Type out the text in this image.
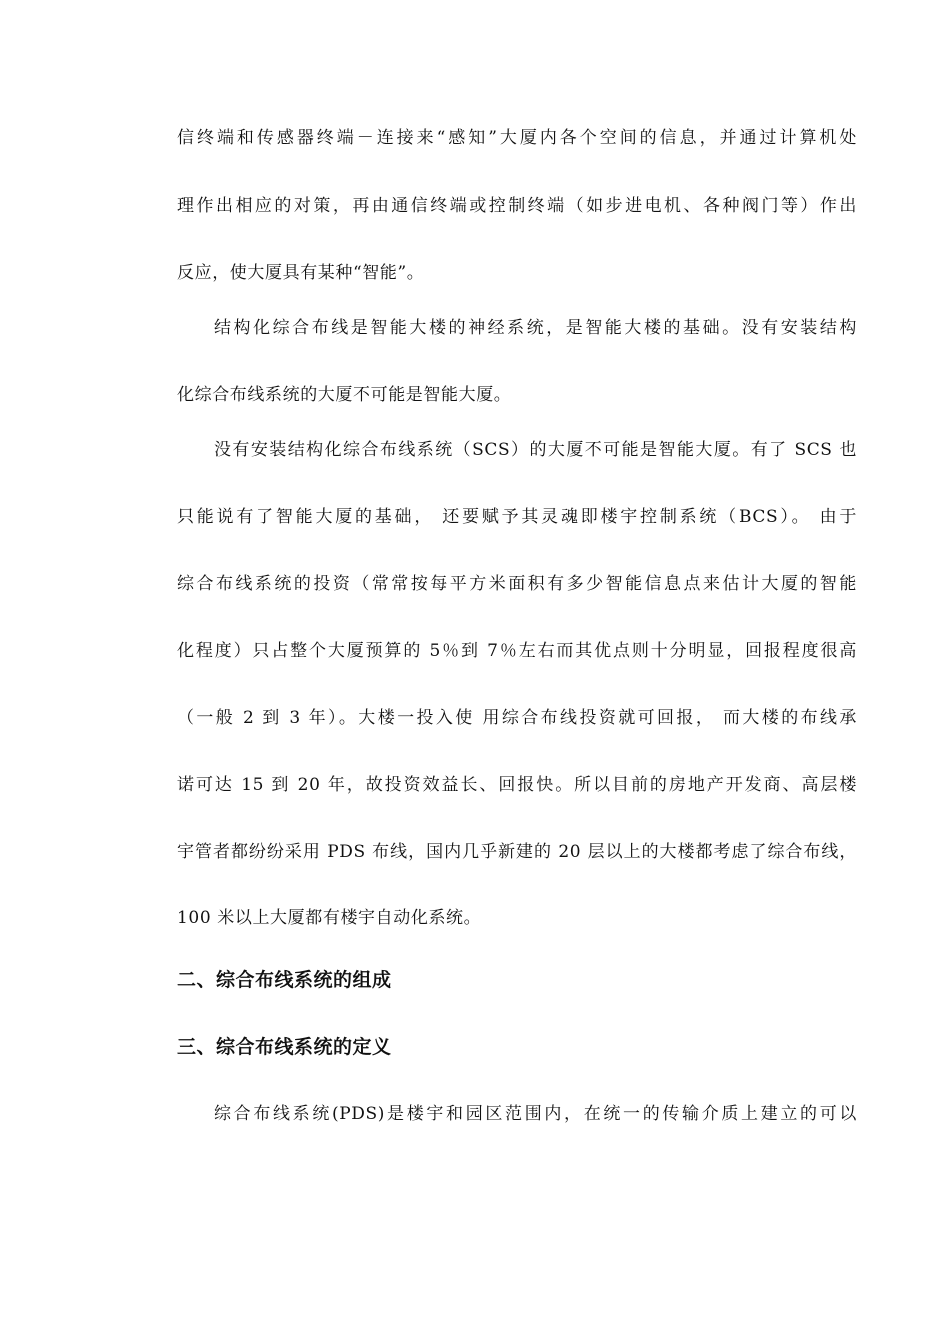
信终端和传感器终端－连接来“感知”大厦内各个空间的信息，并通过计算机处
理作出相应的对策，再由通信终端或控制终端（如步进电机、各种阀门等）作出
反应，使大厦具有某种“智能”。
结构化综合布线是智能大楼的神经系统，是智能大楼的基础。没有安装结构
化综合布线系统的大厦不可能是智能大厦。
没有安装结构化综合布线系统（SCS）的大厦不可能是智能大厦。有了 SCS 也
只能说有了智能大厦的基础， 还要赋予其灵魂即楼宇控制系统（BCS）。 由于
综合布线系统的投资（常常按每平方米面积有多少智能信息点来估计大厦的智能
化程度）只占整个大厦预算的 5％到 7％左右而其优点则十分明显，回报程度很高
（一般 2 到 3 年）。大楼一投入使 用综合布线投资就可回报， 而大楼的布线承
诺可达 15 到 20 年，故投资效益长、回报快。所以目前的房地产开发商、高层楼
宇管者都纷纷采用 PDS 布线，国内几乎新建的 20 层以上的大楼都考虑了综合布线，
100 米以上大厦都有楼宇自动化系统。
二、综合布线系统的组成
三、综合布线系统的定义
综合布线系统(PDS)是楼宇和园区范围内，在统一的传输介质上建立的可以
